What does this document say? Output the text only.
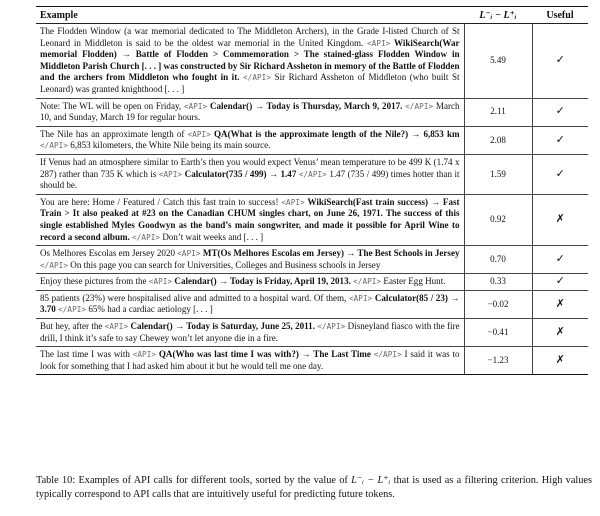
Example	L⁻ᵢ − L⁺ᵢ	Useful
The Flodden Window (a war memorial dedicated to The Middleton Archers), in the Grade I-listed Church of St Leonard in Middleton is said to be the oldest war memorial in the United Kingdom. <API> WikiSearch(War memorial Flodden) → Battle of Flodden > Commemoration > The stained-glass Flodden Window in Middleton Parish Church [. . . ] was constructed by Sir Richard Assheton in memory of the Battle of Flodden and the archers from Middleton who fought in it. </API> Sir Richard Assheton of Middleton (who built St Leonard) was granted knighthood [. . . ]	5.49	✓
Note: The WL will be open on Friday, <API> Calendar() → Today is Thursday, March 9, 2017. </API> March 10, and Sunday, March 19 for regular hours.	2.11	✓
The Nile has an approximate length of <API> QA(What is the approximate length of the Nile?) → 6,853 km </API> 6,853 kilometers, the White Nile being its main source.	2.08	✓
If Venus had an atmosphere similar to Earth’s then you would expect Venus’ mean temperature to be 499 K (1.74 x 287) rather than 735 K which is <API> Calculator(735 / 499) → 1.47 </API> 1.47 (735 / 499) times hotter than it should be.	1.59	✓
You are here: Home / Featured / Catch this fast train to success! <API> WikiSearch(Fast train success) → Fast Train > It also peaked at #23 on the Canadian CHUM singles chart, on June 26, 1971. The success of this single established Myles Goodwyn as the band’s main songwriter, and made it possible for April Wine to record a second album. </API> Don’t wait weeks and [. . . ]	0.92	✗
Os Melhores Escolas em Jersey 2020 <API> MT(Os Melhores Escolas em Jersey) → The Best Schools in Jersey </API> On this page you can search for Universities, Colleges and Business schools in Jersey	0.70	✓
Enjoy these pictures from the <API> Calendar() → Today is Friday, April 19, 2013. </API> Easter Egg Hunt.	0.33	✓
85 patients (23%) were hospitalised alive and admitted to a hospital ward. Of them, <API> Calculator(85 / 23) → 3.70 </API> 65% had a cardiac aetiology [. . . ]	−0.02	✗
But hey, after the <API> Calendar() → Today is Saturday, June 25, 2011. </API> Disneyland fiasco with the fire drill, I think it’s safe to say Chewey won’t let anyone die in a fire.	−0.41	✗
The last time I was with <API> QA(Who was last time I was with?) → The Last Time </API> I said it was to look for something that I had asked him about it but he would tell me one day.	−1.23	✗
Table 10: Examples of API calls for different tools, sorted by the value of L⁻ᵢ − L⁺ᵢ that is used as a filtering criterion. High values typically correspond to API calls that are intuitively useful for predicting future tokens.
